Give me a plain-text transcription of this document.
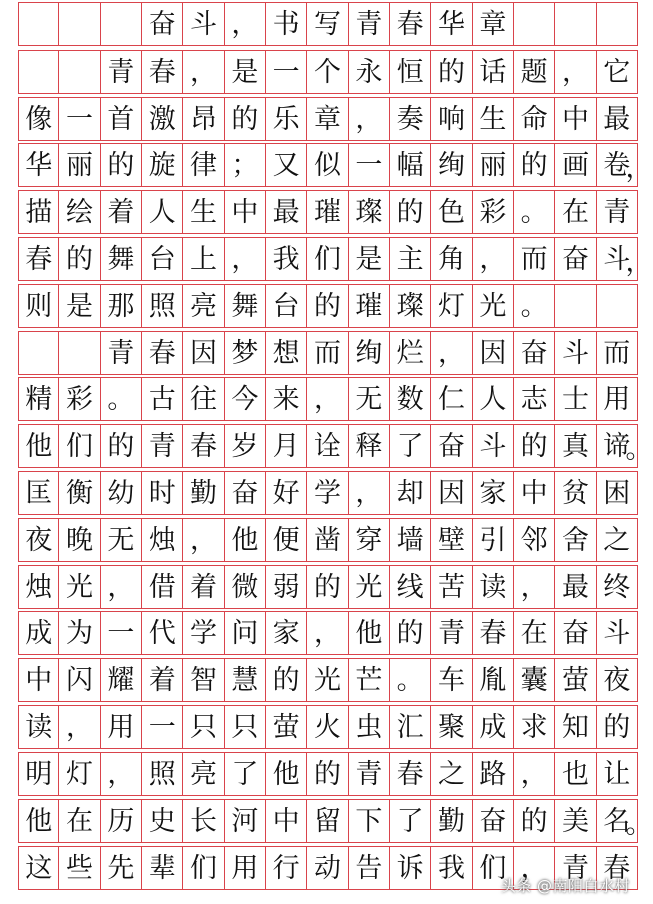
奋 斗 ， 书 写 青 春 华 章
青 春 ， 是 一 个 永 恒 的 话 题 ， 它
像 一 首 激 昂 的 乐 章 ， 奏 响 生 命 中 最
华 丽 的 旋 律 ； 又 似 一 幅 绚 丽 的 画 卷
，
描 绘 着 人 生 中 最 璀 璨 的 色 彩 。 在 青
春 的 舞 台 上 ， 我 们 是 主 角 ， 而 奋 斗
，
则 是 那 照 亮 舞 台 的 璀 璨 灯 光 。
青 春 因 梦 想 而 绚 烂 ， 因 奋 斗 而
精 彩 。 古 往 今 来 ， 无 数 仁 人 志 士 用
他 们 的 青 春 岁 月 诠 释 了 奋 斗 的 真 谛
。
匡 衡 幼 时 勤 奋 好 学 ， 却 因 家 中 贫 困
夜 晚 无 烛 ， 他 便 凿 穿 墙 壁 引 邻 舍 之
烛 光 ， 借 着 微 弱 的 光 线 苦 读 ， 最 终
成 为 一 代 学 问 家 ， 他 的 青 春 在 奋 斗
中 闪 耀 着 智 慧 的 光 芒 。 车 胤 囊 萤 夜
读 ， 用 一 只 只 萤 火 虫 汇 聚 成 求 知 的
明 灯 ， 照 亮 了 他 的 青 春 之 路 ， 也 让
他 在 历 史 长 河 中 留 下 了 勤 奋 的 美 名
。
这 些 先 辈 们 用 行 动 告 诉 我 们 ， 青 春
头条 @南阳白水村
